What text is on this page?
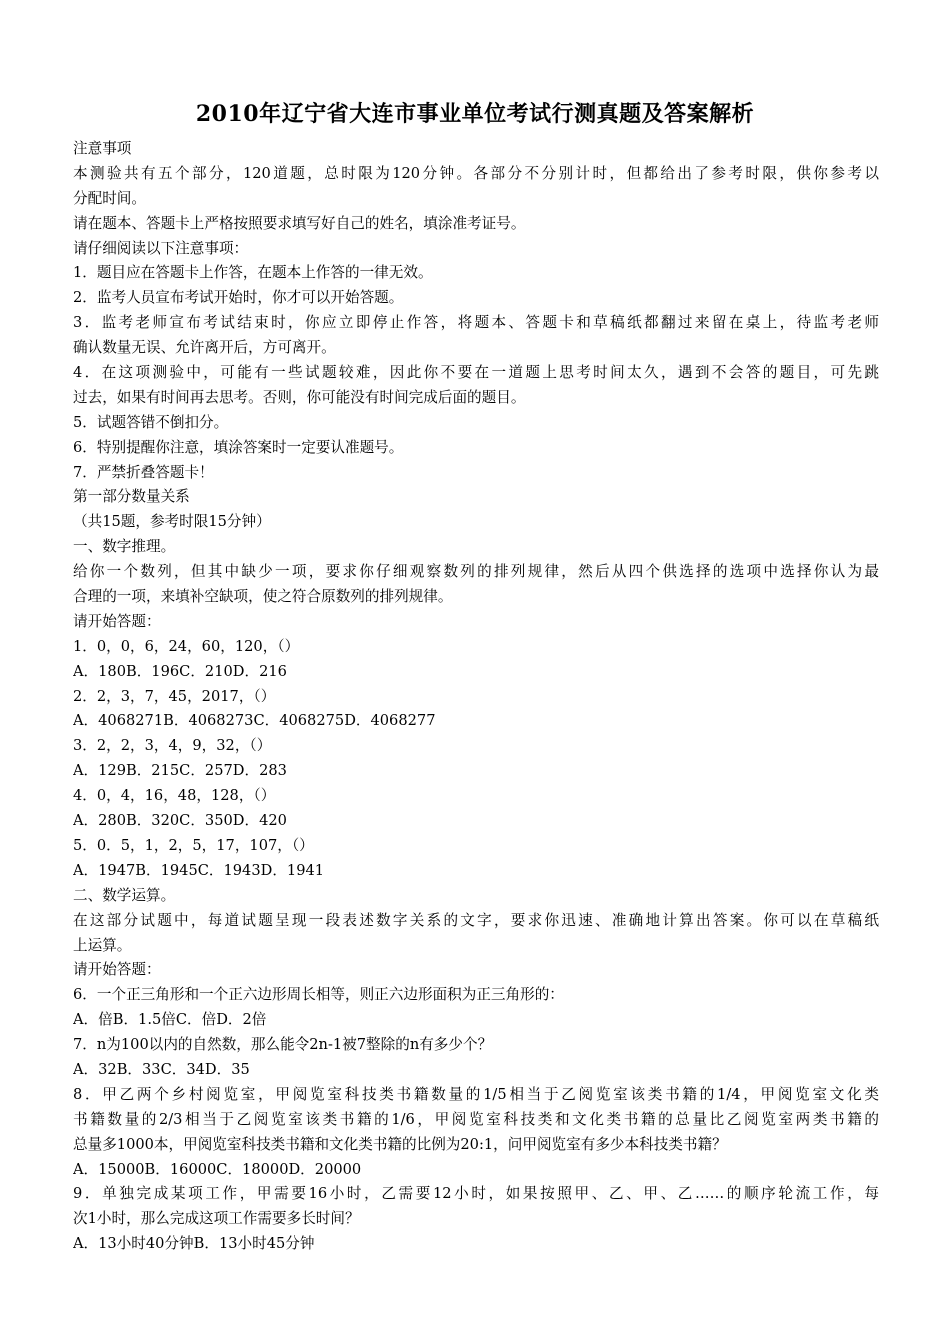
2010年辽宁省大连市事业单位考试行测真题及答案解析
注意事项
本测验共有五个部分，120道题，总时限为120分钟。各部分不分别计时，但都给出了参考时限，供你参考以
分配时间。
请在题本、答题卡上严格按照要求填写好自己的姓名，填涂准考证号。
请仔细阅读以下注意事项：
1．题目应在答题卡上作答，在题本上作答的一律无效。
2．监考人员宣布考试开始时，你才可以开始答题。
3．监考老师宣布考试结束时，你应立即停止作答，将题本、答题卡和草稿纸都翻过来留在桌上，待监考老师
确认数量无误、允许离开后，方可离开。
4．在这项测验中，可能有一些试题较难，因此你不要在一道题上思考时间太久，遇到不会答的题目，可先跳
过去，如果有时间再去思考。否则，你可能没有时间完成后面的题目。
5．试题答错不倒扣分。
6．特别提醒你注意，填涂答案时一定要认准题号。
7．严禁折叠答题卡！
第一部分数量关系
（共15题，参考时限15分钟）
一、数字推理。
给你一个数列，但其中缺少一项，要求你仔细观察数列的排列规律，然后从四个供选择的选项中选择你认为最
合理的一项，来填补空缺项，使之符合原数列的排列规律。
请开始答题：
1．0，0，6，24，60，120，（）
A．180B．196C．210D．216
2．2，3，7，45，2017，（）
A．4068271B．4068273C．4068275D．4068277
3．2，2，3，4，9，32，（）
A．129B．215C．257D．283
4．0，4，16，48，128，（）
A．280B．320C．350D．420
5．0．5，1，2，5，17，107，（）
A．1947B．1945C．1943D．1941
二、数学运算。
在这部分试题中，每道试题呈现一段表述数字关系的文字，要求你迅速、准确地计算出答案。你可以在草稿纸
上运算。
请开始答题：
6．一个正三角形和一个正六边形周长相等，则正六边形面积为正三角形的：
A．倍B．1.5倍C．倍D．2倍
7．n为100以内的自然数，那么能令2n-1被7整除的n有多少个？
A．32B．33C．34D．35
8．甲乙两个乡村阅览室，甲阅览室科技类书籍数量的1/5相当于乙阅览室该类书籍的1/4，甲阅览室文化类
书籍数量的2/3相当于乙阅览室该类书籍的1/6，甲阅览室科技类和文化类书籍的总量比乙阅览室两类书籍的
总量多1000本，甲阅览室科技类书籍和文化类书籍的比例为20:1，问甲阅览室有多少本科技类书籍？
A．15000B．16000C．18000D．20000
9．单独完成某项工作，甲需要16小时，乙需要12小时，如果按照甲、乙、甲、乙……的顺序轮流工作，每
次1小时，那么完成这项工作需要多长时间？
A．13小时40分钟B．13小时45分钟
